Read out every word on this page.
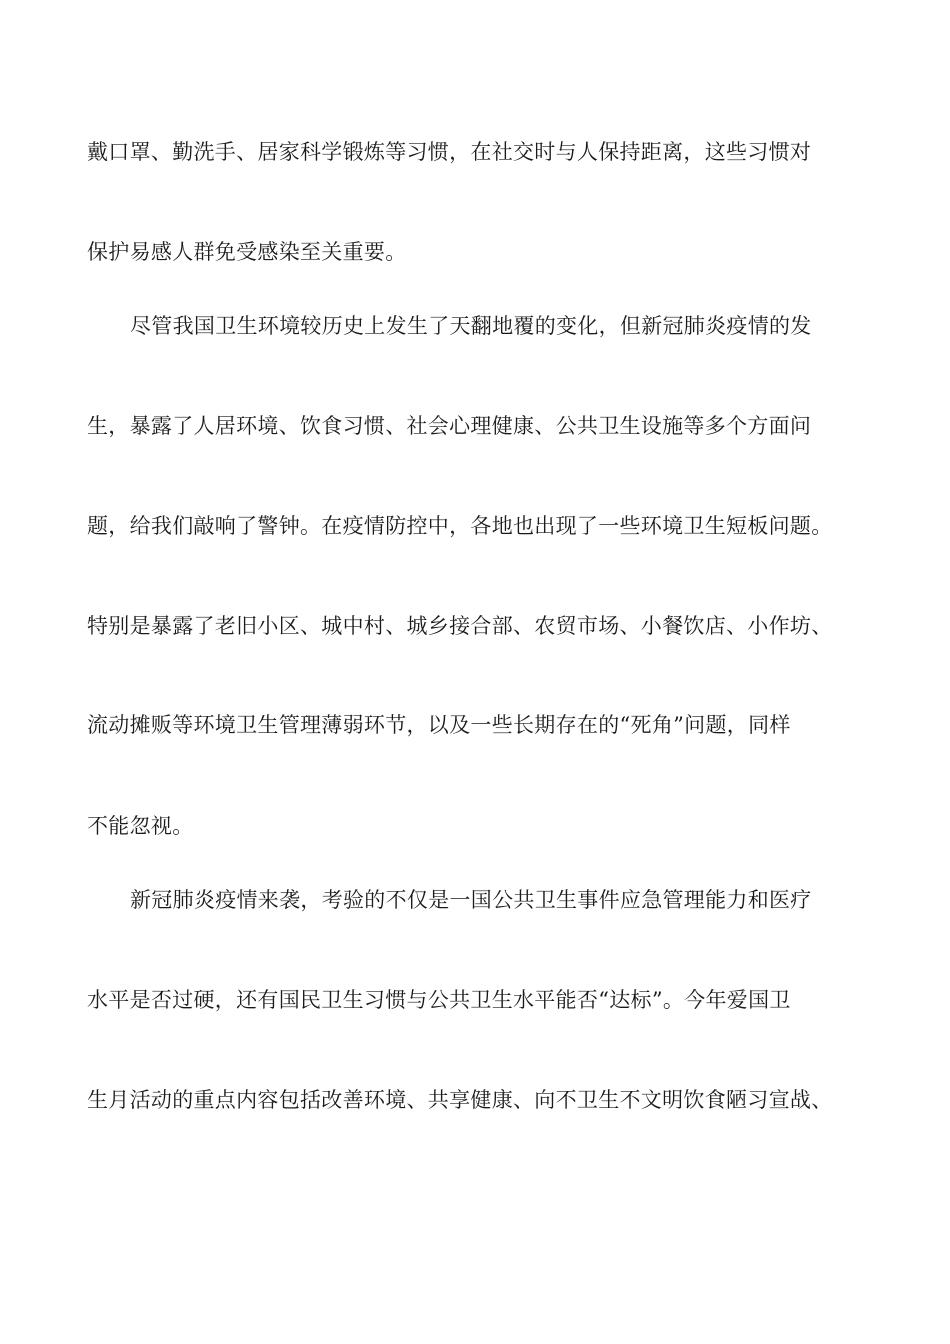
戴口罩、勤洗手、居家科学锻炼等习惯，在社交时与人保持距离，这些习惯对
保护易感人群免受感染至关重要。
尽管我国卫生环境较历史上发生了天翻地覆的变化，但新冠肺炎疫情的发
生，暴露了人居环境、饮食习惯、社会心理健康、公共卫生设施等多个方面问
题，给我们敲响了警钟。在疫情防控中，各地也出现了一些环境卫生短板问题。
特别是暴露了老旧小区、城中村、城乡接合部、农贸市场、小餐饮店、小作坊、
流动摊贩等环境卫生管理薄弱环节，以及一些长期存在的“死角”问题，同样
不能忽视。
新冠肺炎疫情来袭，考验的不仅是一国公共卫生事件应急管理能力和医疗
水平是否过硬，还有国民卫生习惯与公共卫生水平能否“达标”。今年爱国卫
生月活动的重点内容包括改善环境、共享健康、向不卫生不文明饮食陋习宣战、
